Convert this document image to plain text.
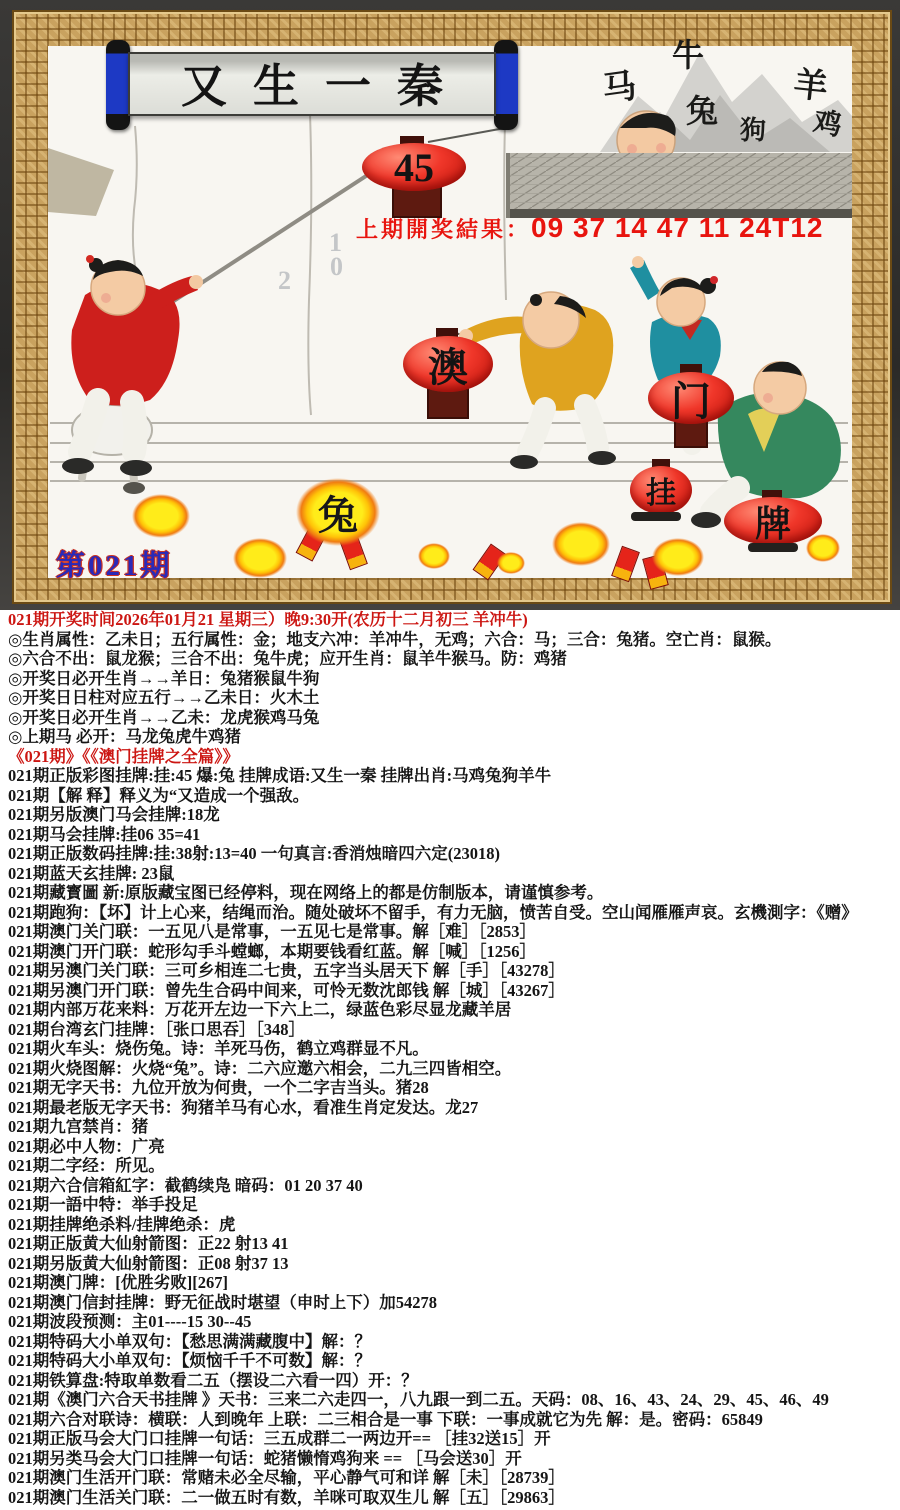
又生一秦	马
牛
羊
兔
狗 鸡
45
澳
门
挂
牌
兔
上期開奖結果：09 37 14 47 11 24T12
1
0
2
第021期
021期开奖时间2026年01月21 星期三）晚9:30开(农历十二月初三 羊冲牛)
◎生肖属性：乙未日；五行属性：金；地支六冲：羊冲牛，无鸡；六合：马；三合：兔猪。空亡肖：鼠猴。
◎六合不出：鼠龙猴；三合不出：兔牛虎；应开生肖：鼠羊牛猴马。防：鸡猪
◎开奖日必开生肖→→羊日：兔猪猴鼠牛狗
◎开奖日日柱对应五行→→乙未日：火木土
◎开奖日必开生肖→→乙未：龙虎猴鸡马兔
◎上期马 必开：马龙兔虎牛鸡猪
《021期》《《澳门挂牌之全篇》》
021期正版彩图挂牌:挂:45 爆:兔 挂牌成语:又生一秦 挂牌出肖:马鸡兔狗羊牛
021期【解 释】释义为“又造成一个强敌。
021期另版澳门马会挂牌:18龙
021期马会挂牌:挂06 35=41
021期正版数码挂牌:挂:38射:13=40 一句真言:香消烛暗四六定(23018)
021期蓝天玄挂牌: 23鼠
021期藏寳圖 新:原版藏宝图已经停料，现在网络上的都是仿制版本，请谨慎参考。
021期跑狗：【坏】计上心来，结绳而治。随处破坏不留手，有力无脑，愤苦自受。空山闻雁雁声哀。玄機測字：《赠》
021期澳门关门联：一五见八是常事，一五见七是常事。解［难］［2853］
021期澳门开门联：蛇形勾手斗螳螂，本期要钱看红蓝。解［喊］［1256］
021期另澳门关门联：三可乡相连二七贵，五字当头居天下 解［手］［43278］
021期另澳门开门联：曾先生合码中间来，可怜无数沈郎钱 解［城］［43267］
021期内部万花来料：万花开左边一下六上二，绿蓝色彩尽显龙藏羊居
021期台湾玄门挂牌：［张口思吞］［348］
021期火车头：烧伤兔。诗：羊死马伤，鹤立鸡群显不凡。
021期火烧图解：火烧“兔”。诗：二六应邀六相会，二九三四皆相空。
021期无字天书：九位开放为何贵，一个二字吉当头。猪28
021期最老版无字天书：狗猪羊马有心水，看准生肖定发达。龙27
021期九宫禁肖：猪
021期必中人物：广亮
021期二字经：所见。
021期六合信箱紅字：截鹤续凫 暗码：01 20 37 40
021期一語中特：举手投足
021期挂牌绝杀料/挂牌绝杀：虎
021期正版黄大仙射箭图：正22 射13 41
021期另版黄大仙射箭图：正08 射37 13
021期澳门牌：[优胜劣败][267]
021期澳门信封挂牌：野无征战时堪望（申时上下）加54278
021期波段预测：主01----15 30--45
021期特码大小单双句：【愁思满满藏腹中】解：？
021期特码大小单双句：【烦恼千千不可数】解：？
021期铁算盘:特取单数看二五（摆设二六看一四）开：？
021期《澳门六合天书挂牌 》天书：三来二六走四一，八九跟一到二五。天码：08、16、43、24、29、45、46、49
021期六合对联诗：横联：人到晚年 上联：二三相合是一事 下联：一事成就它为先 解：是。密码：65849
021期正版马会大门口挂牌一句话：三五成群二一两边开== ［挂32送15］开
021期另类马会大门口挂牌一句话：蛇猪懒惰鸡狗来 == ［马会送30］开
021期澳门生活开门联：常赌未必全尽输，平心静气可和详 解［未］［28739］
021期澳门生活关门联：二一做五时有数，羊咪可取双生儿 解［五］［29863］
